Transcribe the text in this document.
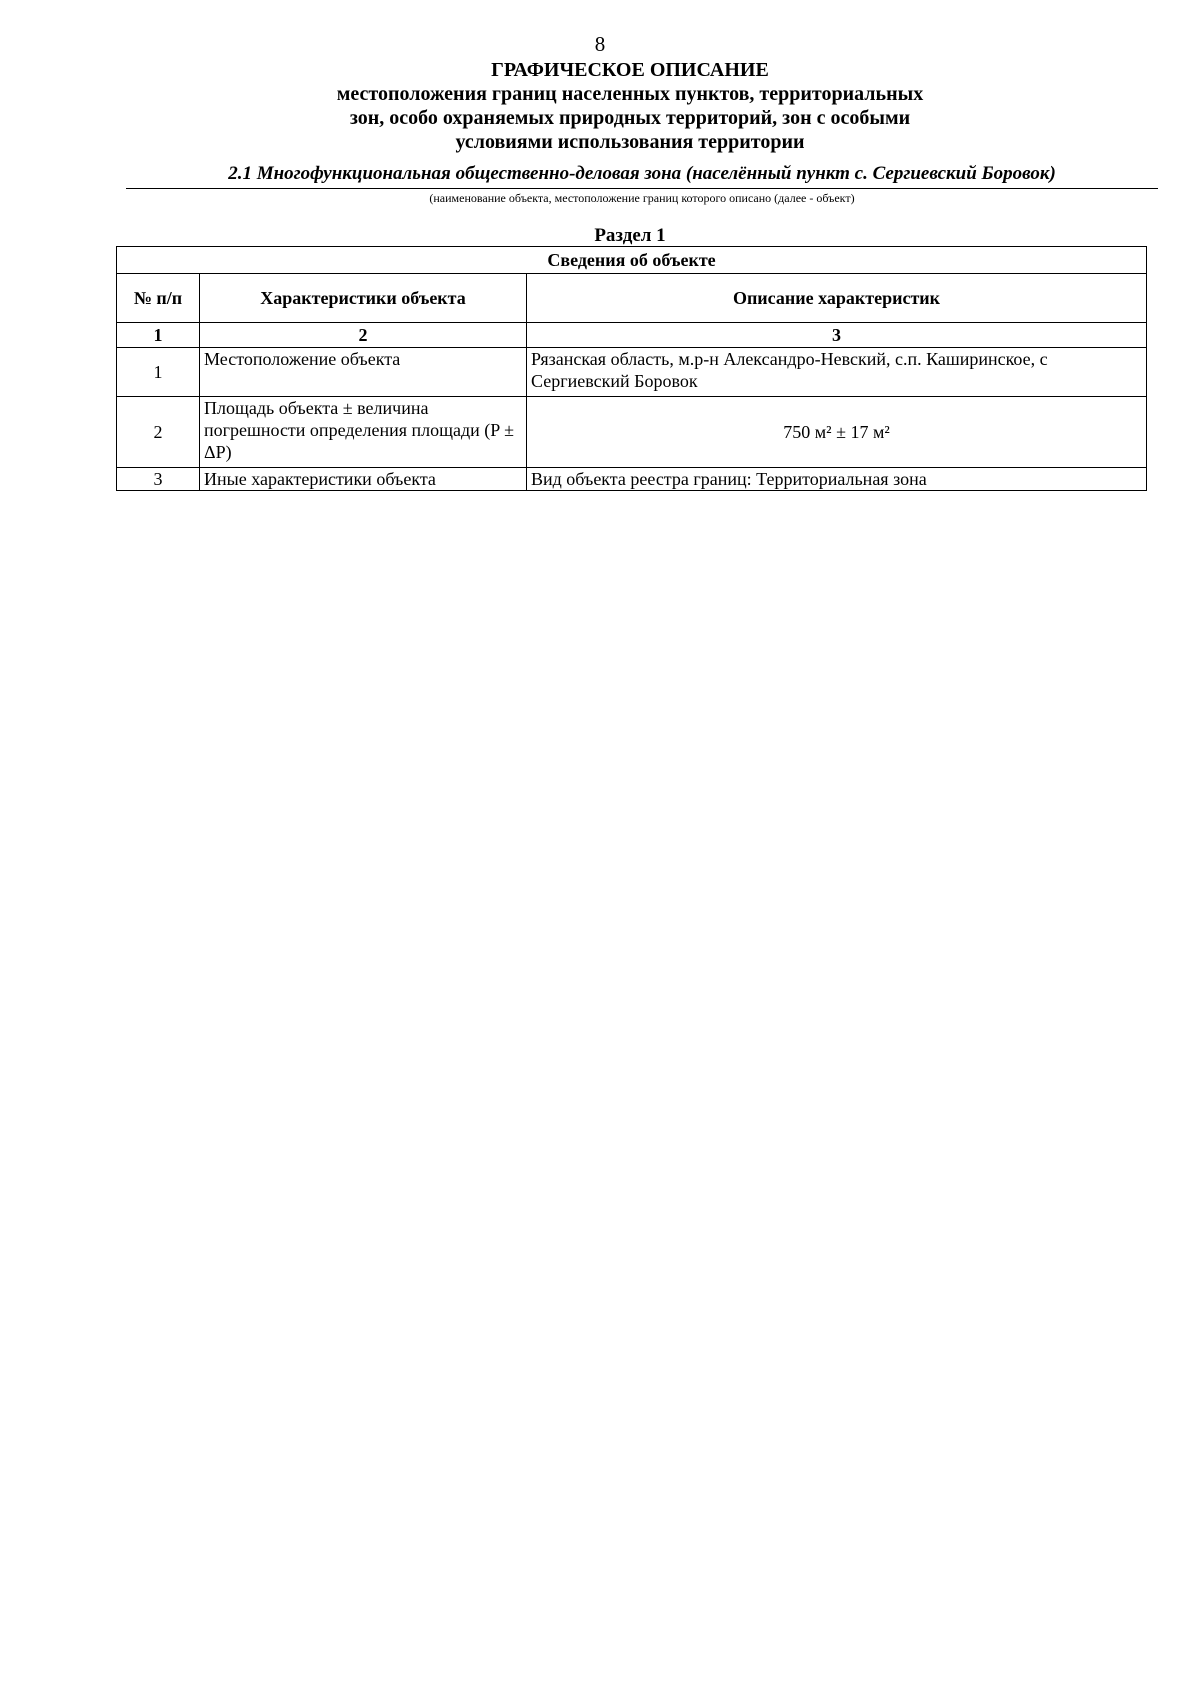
8
ГРАФИЧЕСКОЕ ОПИСАНИЕ
местоположения границ населенных пунктов, территориальных
зон, особо охраняемых природных территорий, зон с особыми
условиями использования территории
2.1 Многофункциональная общественно-деловая зона (населённый пункт с. Сергиевский Боровок)
(наименование объекта, местоположение границ которого описано (далее - объект)
Раздел 1
Сведения об объекте		
№ п/п	Характеристики объекта	Описание характеристик
1	2	3
1	Местоположение объекта	Рязанская область, м.р-н Александро-Невский, с.п. Каширинское, с Сергиевский Боровок
2	Площадь объекта ± величина погрешности определения площади (P ± ΔP)	750 м² ± 17 м²
3	Иные характеристики объекта	Вид объекта реестра границ: Территориальная зона
